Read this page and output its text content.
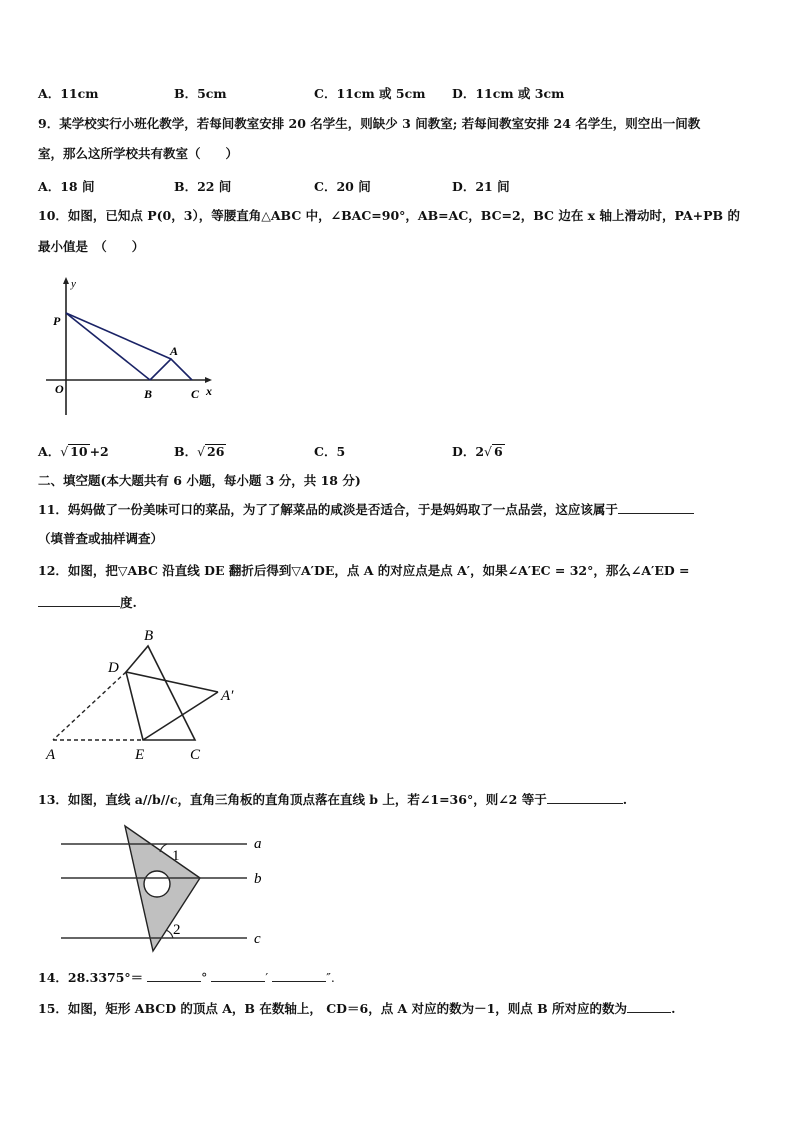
A．11cm	B．5cm	C．11cm 或 5cm D．11cm 或 3cm
9．某学校实行小班化教学，若每间教室安排 20 名学生，则缺少 3 间教室; 若每间教室安排 24 名学生，则空出一间教
室，那么这所学校共有教室（　　）
A．18 间	B．22 间	C．20 间	D．21 间
10．如图，已知点 P(0，3），等腰直角△ABC 中，∠BAC=90°，AB=AC，BC=2，BC 边在 x 轴上滑动时，PA+PB 的
最小值是　（　　）
y
P
O
A
B	C x
A．√ 10 +2	B．√ 26	C．5	D．2√ 6
二、填空题(本大题共有 6 小题，每小题 3 分，共 18 分)
11．妈妈做了一份美味可口的菜品，为了了解菜品的咸淡是否适合，于是妈妈取了一点品尝，这应该属于
（填普查或抽样调查）
12．如图，把▽ABC 沿直线 DE 翻折后得到▽A′DE，点 A 的对应点是点 A′，如果∠A′EC = 32°，那么∠A′ED =
度.
B
D
A′
A	E	C
13．如图，直线 a//b//c，直角三角板的直角顶点落在直线 b 上，若∠1=36°，则∠2 等于	.
1
2
a
b
c
14．28.3375°＝	°	′	″.
15．如图，矩形 ABCD 的顶点 A，B 在数轴上， CD＝6，点 A 对应的数为－1，则点 B 所对应的数为	.
